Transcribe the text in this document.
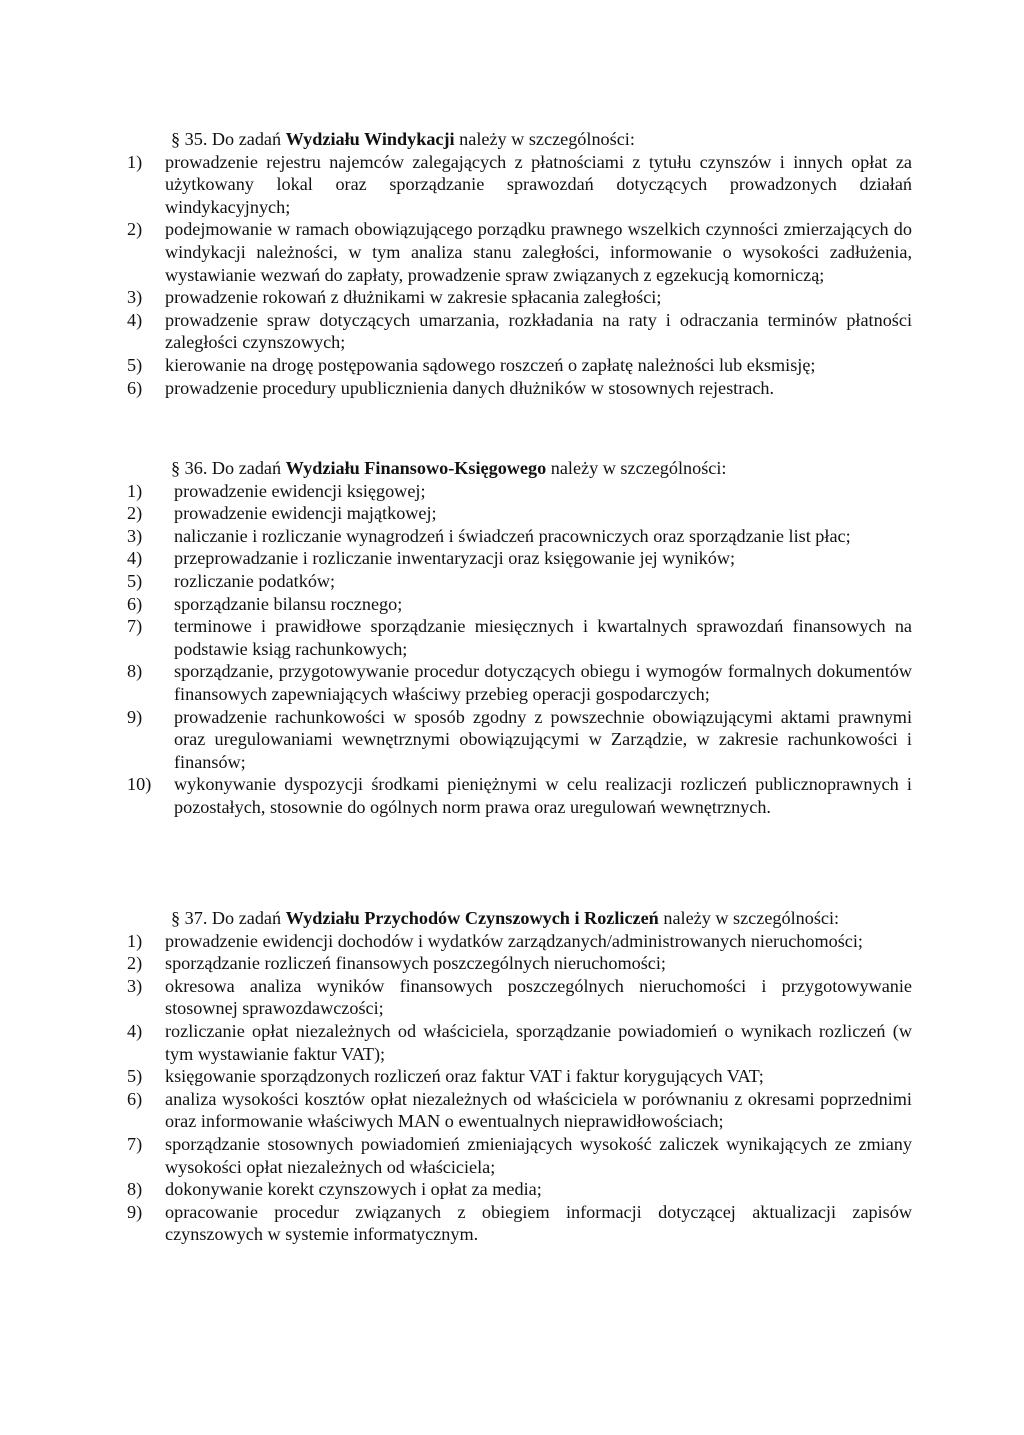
§ 35. Do zadań Wydziału Windykacji należy w szczególności:
1)	prowadzenie rejestru najemców zalegających z płatnościami z tytułu czynszów i innych opłat za użytkowany lokal oraz sporządzanie sprawozdań dotyczących prowadzonych działań windykacyjnych;
2)	podejmowanie w ramach obowiązującego porządku prawnego wszelkich czynności zmierzających do windykacji należności, w tym analiza stanu zaległości, informowanie o wysokości zadłużenia, wystawianie wezwań do zapłaty, prowadzenie spraw związanych z egzekucją komorniczą;
3)	prowadzenie rokowań z dłużnikami w zakresie spłacania zaległości;
4)	prowadzenie spraw dotyczących umarzania, rozkładania na raty i odraczania terminów płatności zaległości czynszowych;
5)	kierowanie na drogę postępowania sądowego roszczeń o zapłatę należności lub eksmisję;
6)	prowadzenie procedury upublicznienia danych dłużników w stosownych rejestrach.
§ 36. Do zadań Wydziału Finansowo-Księgowego należy w szczególności:
1)	prowadzenie ewidencji księgowej;
2)	prowadzenie ewidencji majątkowej;
3)	naliczanie i rozliczanie wynagrodzeń i świadczeń pracowniczych oraz sporządzanie list płac;
4)	przeprowadzanie i rozliczanie inwentaryzacji oraz księgowanie jej wyników;
5)	rozliczanie podatków;
6)	sporządzanie bilansu rocznego;
7)	terminowe i prawidłowe sporządzanie miesięcznych i kwartalnych sprawozdań finansowych na podstawie ksiąg rachunkowych;
8)	sporządzanie, przygotowywanie procedur dotyczących obiegu i wymogów formalnych dokumentów finansowych zapewniających właściwy przebieg operacji gospodarczych;
9)	prowadzenie rachunkowości w sposób zgodny z powszechnie obowiązującymi aktami prawnymi oraz uregulowaniami wewnętrznymi obowiązującymi w Zarządzie, w zakresie rachunkowości i finansów;
10)	wykonywanie dyspozycji środkami pieniężnymi w celu realizacji rozliczeń publicznoprawnych i pozostałych, stosownie do ogólnych norm prawa oraz uregulowań wewnętrznych.
§ 37. Do zadań Wydziału Przychodów Czynszowych i Rozliczeń należy w szczególności:
1)	prowadzenie ewidencji dochodów i wydatków zarządzanych/administrowanych nieruchomości;
2)	sporządzanie rozliczeń finansowych poszczególnych nieruchomości;
3)	okresowa analiza wyników finansowych poszczególnych nieruchomości i przygotowywanie stosownej sprawozdawczości;
4)	rozliczanie opłat niezależnych od właściciela, sporządzanie powiadomień o wynikach rozliczeń (w tym wystawianie faktur VAT);
5)	księgowanie sporządzonych rozliczeń oraz faktur VAT i faktur korygujących VAT;
6)	analiza wysokości kosztów opłat niezależnych od właściciela w porównaniu z okresami poprzednimi oraz informowanie właściwych MAN o ewentualnych nieprawidłowościach;
7)	sporządzanie stosownych powiadomień zmieniających wysokość zaliczek wynikających ze zmiany wysokości opłat niezależnych od właściciela;
8)	dokonywanie korekt czynszowych i opłat za media;
9)	opracowanie procedur związanych z obiegiem informacji dotyczącej aktualizacji zapisów czynszowych w systemie informatycznym.
